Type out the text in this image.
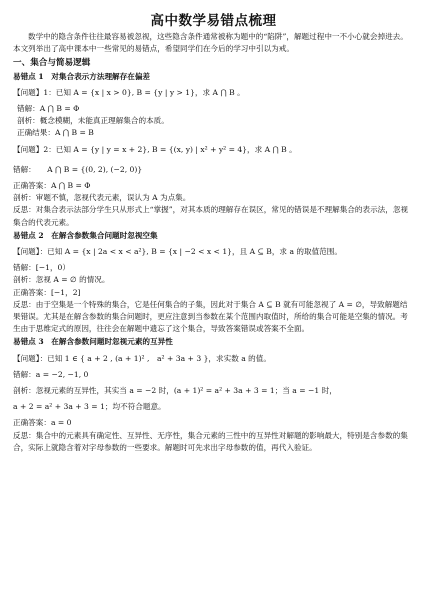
高中数学易错点梳理

数学中的隐含条件往往最容易被忽视，这些隐含条件通常被称为题中的“陷阱”，解题过程中一不小心就会掉进去。本文列举出了高中课本中一些常见的易错点，希望同学们在今后的学习中引以为戒。

一、集合与简易逻辑

易错点 1　对集合表示方法理解存在偏差

【问题】1：已知 A = {x | x > 0}, B = {y | y > 1}，求 A ⋂ B 。

错解：A ⋂ B = Φ

剖析：概念模糊，未能真正理解集合的本质。

正确结果：A ⋂ B = B

【问题】2：已知 A = {y | y = x + 2}, B = {(x, y) | x² + y² = 4}，求 A ⋂ B 。

错解：　　A ⋂ B = {(0, 2), (−2, 0)}

正确答案：A ⋂ B = Φ

剖析：审题不慎，忽视代表元素，误认为 A 为点集。

反思：对集合表示法部分学生只从形式上“掌握”，对其本质的理解存在误区，常见的错误是不理解集合的表示法，忽视集合的代表元素。

易错点 2　在解含参数集合问题时忽视空集

【问题】：已知 A = {x | 2a < x < a²}, B = {x | −2 < x < 1}，且 A ⊆ B，求 a 的取值范围。

错解：[−1，0）

剖析：忽视 A = ∅ 的情况。

正确答案：[−1，2]

反思：由于空集是一个特殊的集合，它是任何集合的子集，因此对于集合 A ⊆ B 就有可能忽视了 A = ∅，导致解题结果错误。尤其是在解含参数的集合问题时，更应注意到当参数在某个范围内取值时，所给的集合可能是空集的情况。考生由于思维定式的原因，往往会在解题中遗忘了这个集合，导致答案错误或答案不全面。

易错点 3　在解含参数问题时忽视元素的互异性

【问题】：已知 1 ∈ { a + 2 , (a + 1)² ,　a² + 3a + 3 }，求实数 a 的值。

错解：a = −2, −1, 0

剖析：忽视元素的互异性，其实当 a = −2 时，(a + 1)² = a² + 3a + 3 = 1；当 a = −1 时，

a + 2 = a² + 3a + 3 = 1；均不符合题意。

正确答案：a = 0

反思：集合中的元素具有确定性、互异性、无序性，集合元素的三性中的互异性对解题的影响最大，特别是含参数的集合，实际上就隐含着对字母参数的一些要求。解题时可先求出字母参数的值，再代入验证。
